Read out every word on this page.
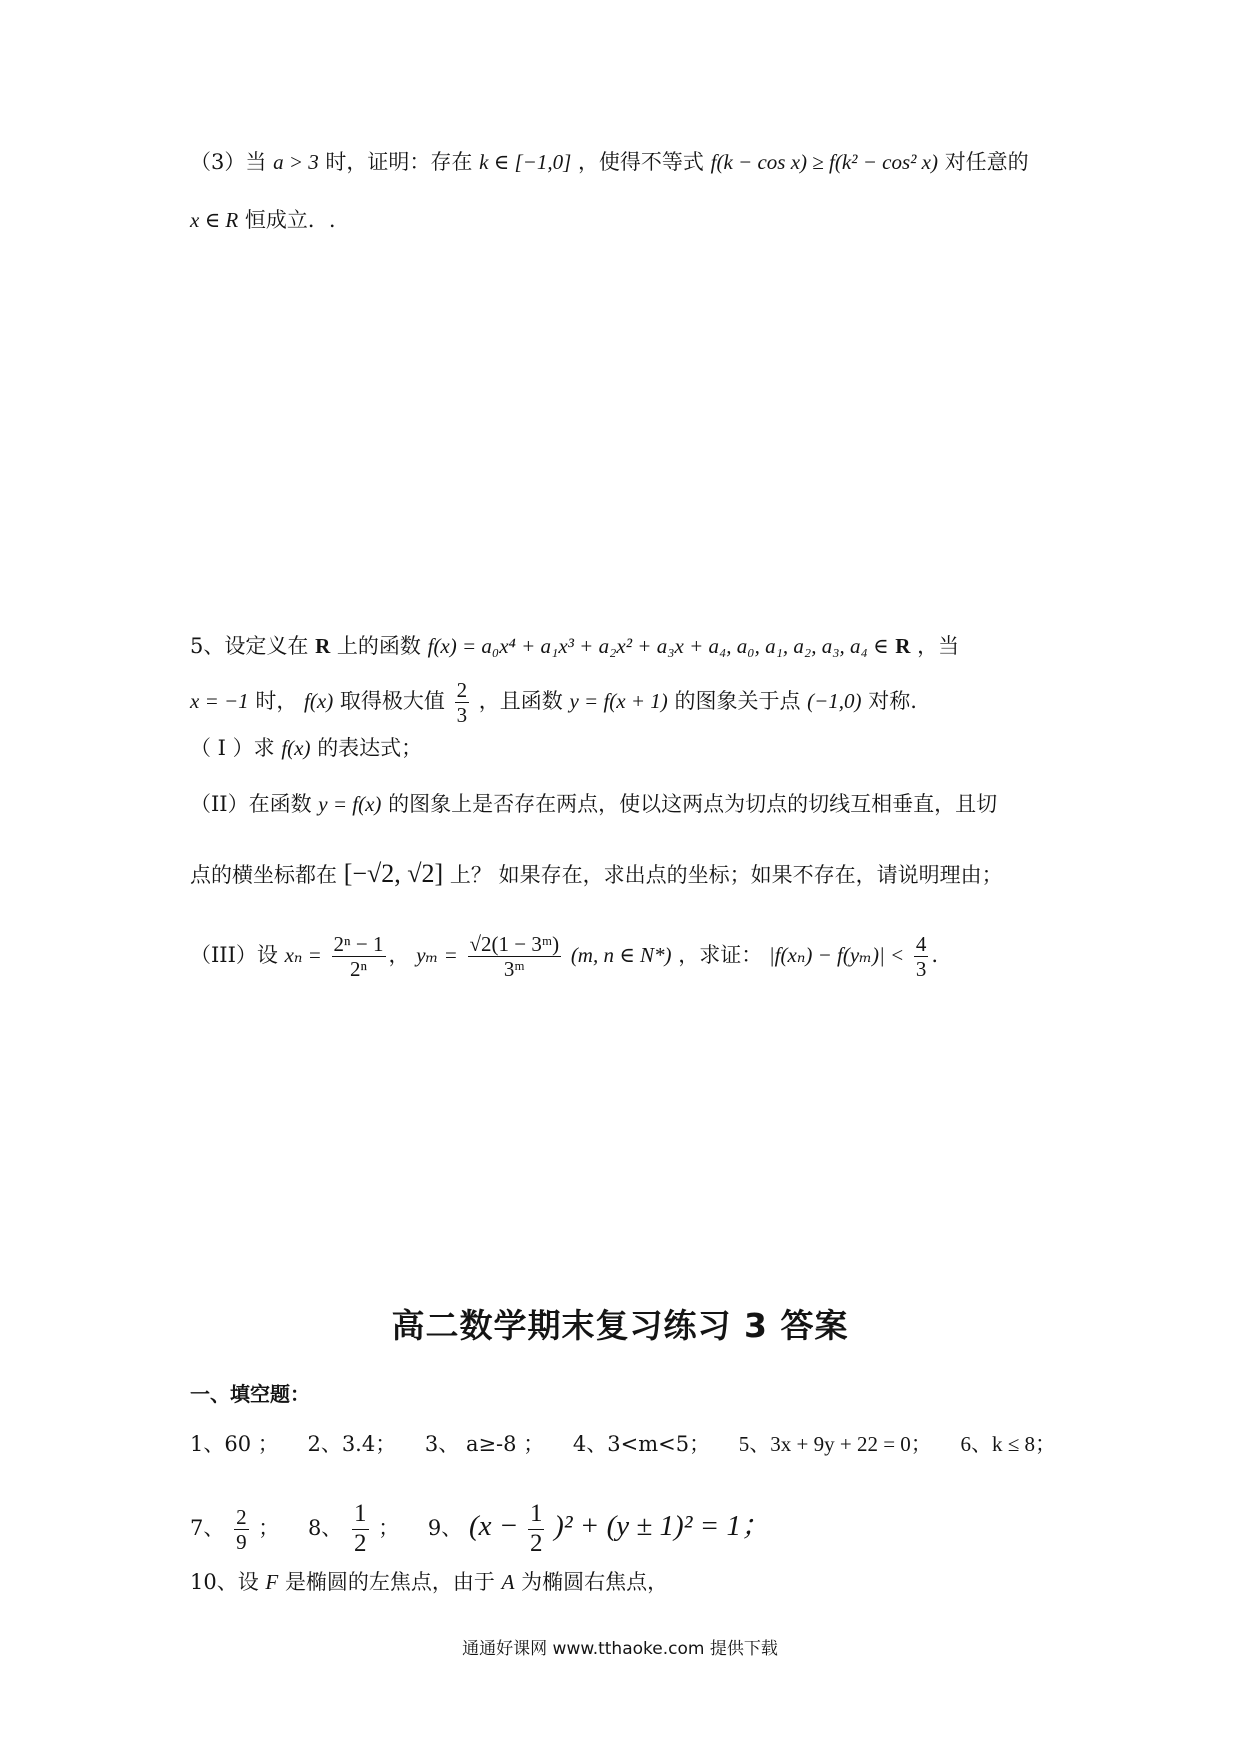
（3）当 a > 3 时，证明：存在 k ∈ [−1,0] ，使得不等式 f(k − cos x) ≥ f(k² − cos² x) 对任意的
x ∈ R 恒成立．.
5、设定义在 R 上的函数 f(x) = a₀x⁴ + a₁x³ + a₂x² + a₃x + a₄, a₀, a₁, a₂, a₃, a₄ ∈ R ，当
x = −1 时， f(x) 取得极大值 $\frac{2}{3}$ ，且函数 y = f(x + 1) 的图象关于点 (−1,0) 对称.
（ I ）求 f(x) 的表达式；
（II）在函数 y = f(x) 的图象上是否存在两点，使以这两点为切点的切线互相垂直，且切
点的横坐标都在 [−√2, √2] 上？ 如果存在，求出点的坐标；如果不存在，请说明理由；
（III）设 $x_n = \frac{\text{2ⁿ − 1}}{\text{2ⁿ}}$ ， $y_m = \frac{\text{√2(1 − 3ᵐ)}}{\text{3ᵐ}} (m$, n ∈ N*) ，求证： $|f(x_n) - f(y_m)| < \frac{4}{3}$ .
高二数学期末复习练习 3 答案
一、填空题：
1、60 ； 2、3.4； 3、 a≥-8 ； 4、3<m<5； 5、3x + 9y + 22 = 0； 6、k ≤ 8；
7、 $\frac{2}{9}$ ； 8、 $\frac{1}{2}$ ； 9、 $(x - \frac{1}{2} )^2 + (y \pm 1)^2 = 1$；
10、设 F 是椭圆的左焦点，由于 A 为椭圆右焦点，
通通好课网 www.tthaoke.com 提供下载
